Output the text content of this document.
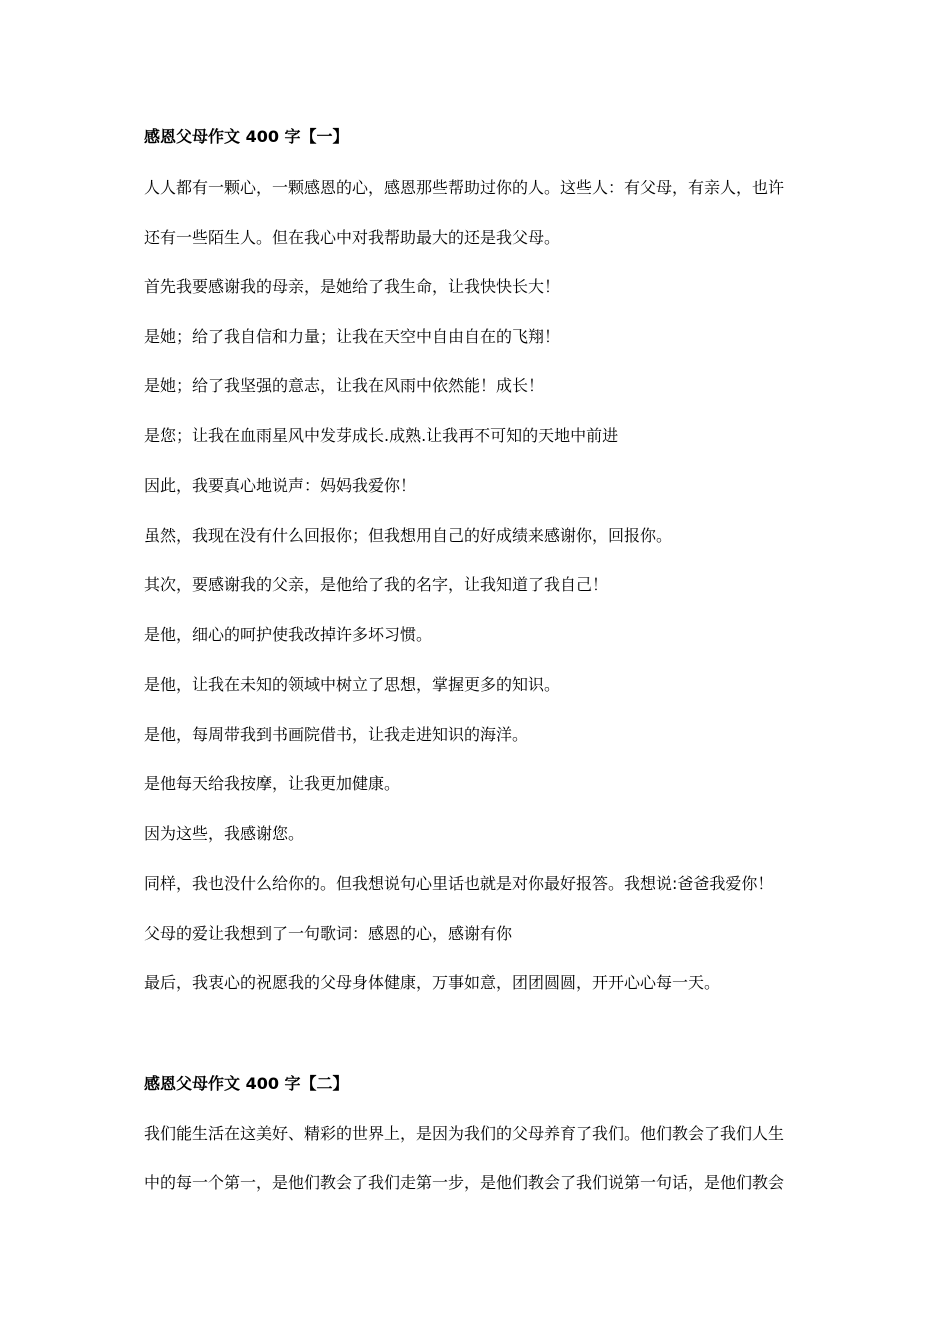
感恩父母作文 400 字【一】
人人都有一颗心，一颗感恩的心，感恩那些帮助过你的人。这些人：有父母，有亲人，也许
还有一些陌生人。但在我心中对我帮助最大的还是我父母。
首先我要感谢我的母亲，是她给了我生命，让我快快长大！
是她；给了我自信和力量；让我在天空中自由自在的飞翔！
是她；给了我坚强的意志，让我在风雨中依然能！成长！
是您；让我在血雨星风中发芽成长.成熟.让我再不可知的天地中前进
因此，我要真心地说声：妈妈我爱你！
虽然，我现在没有什么回报你；但我想用自己的好成绩来感谢你，回报你。
其次，要感谢我的父亲，是他给了我的名字，让我知道了我自己！
是他，细心的呵护使我改掉许多坏习惯。
是他，让我在未知的领域中树立了思想，掌握更多的知识。
是他，每周带我到书画院借书，让我走进知识的海洋。
是他每天给我按摩，让我更加健康。
因为这些，我感谢您。
同样，我也没什么给你的。但我想说句心里话也就是对你最好报答。我想说:爸爸我爱你！
父母的爱让我想到了一句歌词：感恩的心，感谢有你
最后，我衷心的祝愿我的父母身体健康，万事如意，团团圆圆，开开心心每一天。
感恩父母作文 400 字【二】
我们能生活在这美好、精彩的世界上，是因为我们的父母养育了我们。他们教会了我们人生
中的每一个第一，是他们教会了我们走第一步，是他们教会了我们说第一句话，是他们教会
